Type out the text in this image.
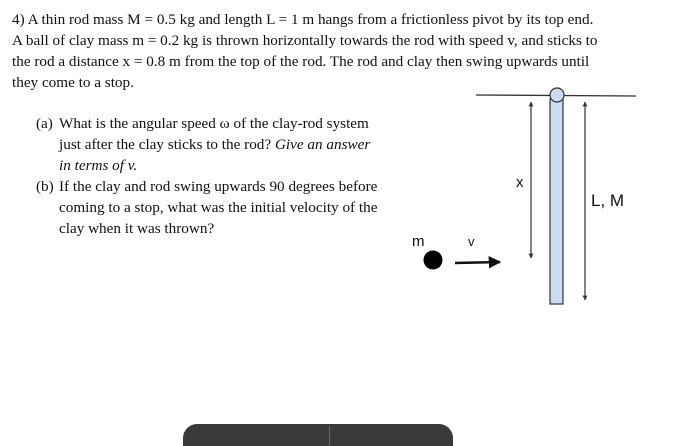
4) A thin rod mass M = 0.5 kg and length L = 1 m hangs from a frictionless pivot by its top end.
A ball of clay mass m = 0.2 kg is thrown horizontally towards the rod with speed v, and sticks to
the rod a distance x = 0.8 m from the top of the rod. The rod and clay then swing upwards until
they come to a stop.
(a) What is the angular speed ω of the clay-rod system
just after the clay sticks to the rod? Give an answer
in terms of v.
(b) If the clay and rod swing upwards 90 degrees before
coming to a stop, what was the initial velocity of the
clay when it was thrown?
x
L, M
m	v
